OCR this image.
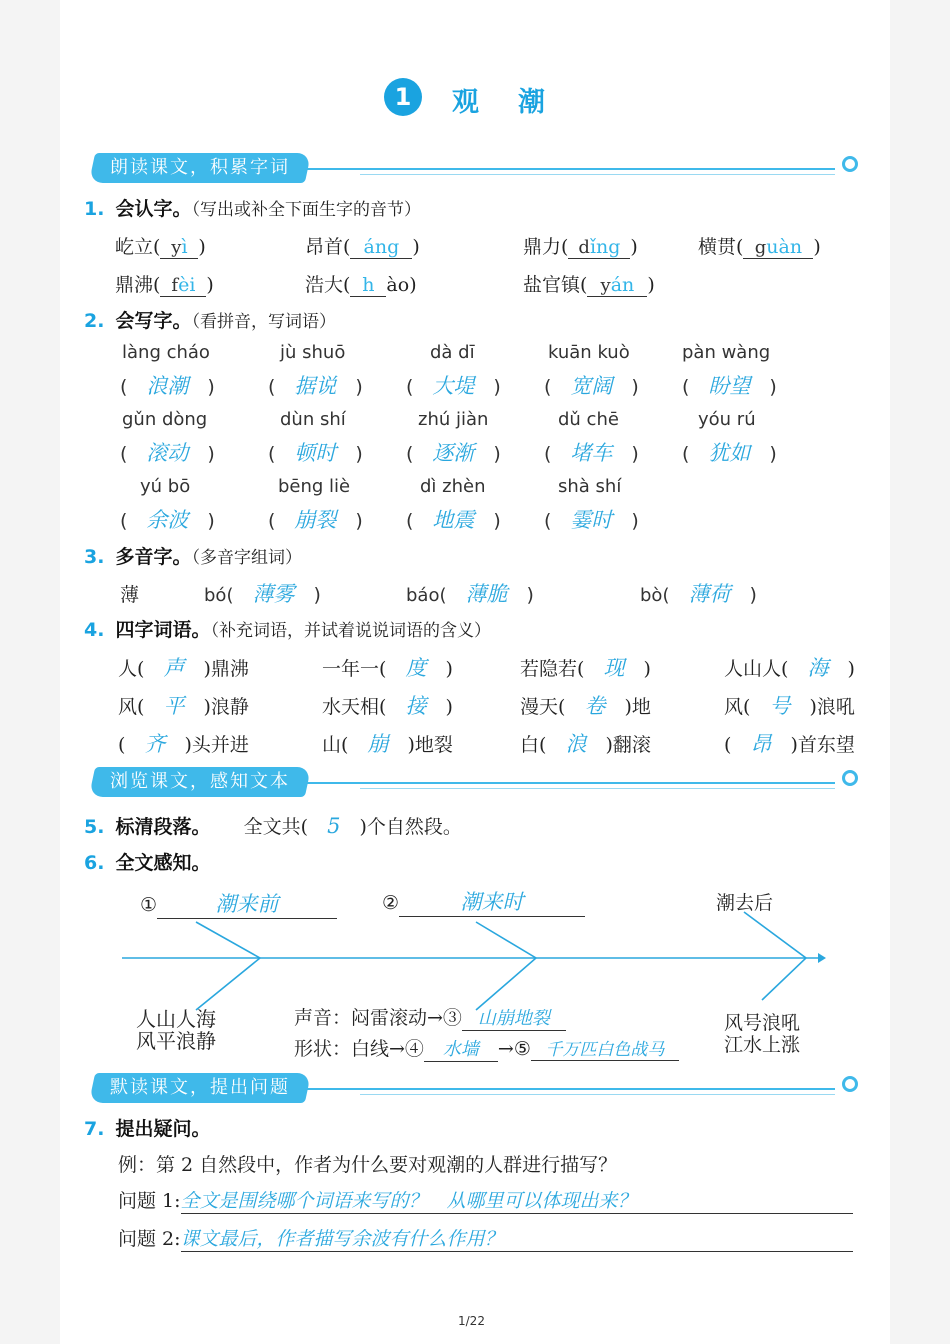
1	观　潮
朗读课文，积累字词
1. 会认字。（写出或补全下面生字的音节）
屹立( yì )	昂首( áng )	鼎力( dǐng )	横贯( guàn )
鼎沸( fèi )	浩大( h ào)	盐官镇( yán )
2. 会写字。（看拼音，写词语）
làng cháo	jù shuō	dà dī	kuān kuò	pàn wàng
(　浪潮　)	(　据说　) (　大堤　) (　宽阔　) (　盼望　)
gǔn dòng	dùn shí	zhú jiàn	dǔ chē	yóu rú
(　滚动　)	(　顿时　) (　逐渐　) (　堵车　) (　犹如　)
yú bō	bēng liè	dì zhèn	shà shí
(　余波　)	(　崩裂　) (　地震　) (　霎时　)
3. 多音字。（多音字组词）
薄	bó(　 薄雾　)	báo(　 薄脆　)	bò(　 薄荷　)
4. 四字词语。（补充词语，并试着说说词语的含义）
人(　 声　 )鼎沸	一年一(　 度　 )	若隐若(　 现　 )	人山人(　 海　 )
风(　 平　 )浪静	水天相(　 接　 )	漫天(　 卷　 )地	风(　 号　 )浪吼
(　 齐　 )头并进	山(　 崩　 )地裂	白(　 浪　 )翻滚	(　 昂　 )首东望
浏览课文，感知文本
5. 标清段落。 全文共(　 5　 )个自然段。
6. 全文感知。
①	潮来前	②	潮来时	潮去后
人山人海
风平浪静
声音：闷雷滚动→③ 山崩地裂
形状：白线→④ 水墙 →⑤ 千万匹白色战马
风号浪吼
江水上涨
默读课文，提出问题
7. 提出疑问。
例：第 2 自然段中，作者为什么要对观潮的人群进行描写？
问题 1:全文是围绕哪个词语来写的？　从哪里可以体现出来？
问题 2:课文最后，作者描写余波有什么作用？
1/22
